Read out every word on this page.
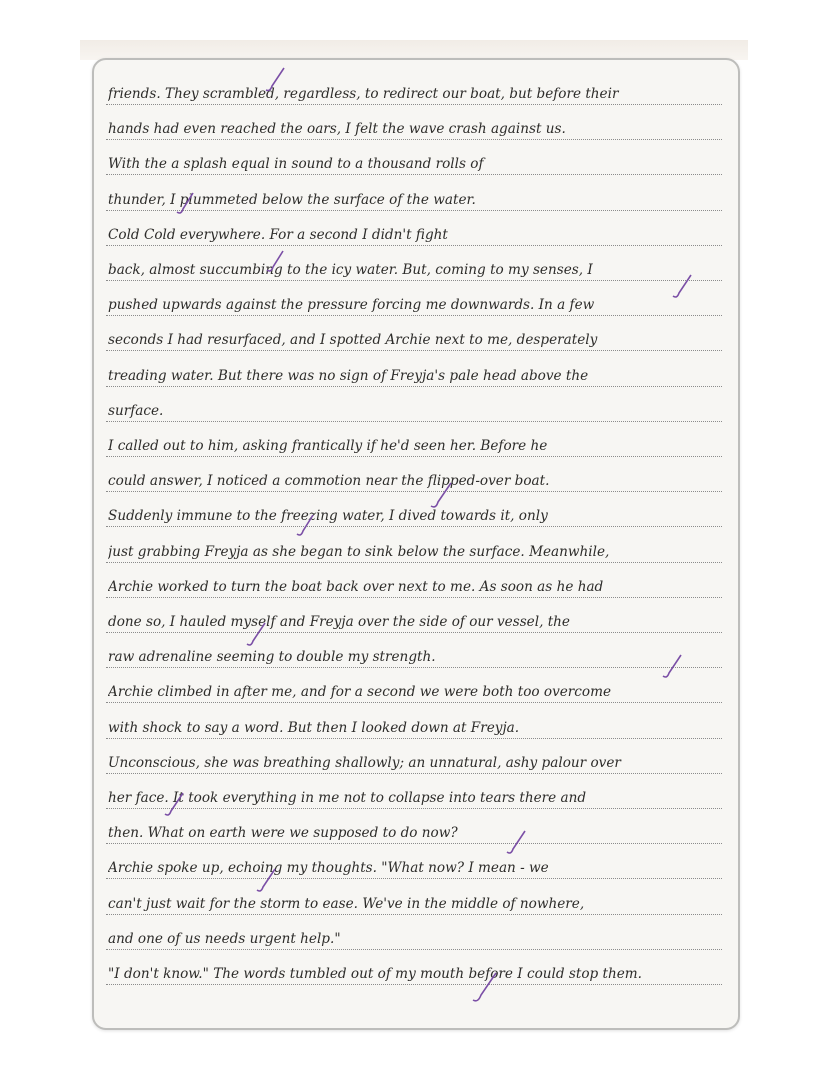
friends. They scrambled, regardless, to redirect our boat, but before their
hands had even reached the oars, I felt the wave crash against us.
With the a splash equal in sound to a thousand rolls of
thunder, I plummeted below the surface of the water.
Cold Cold everywhere. For a second I didn't fight
back, almost succumbing to the icy water. But, coming to my senses, I
pushed upwards against the pressure forcing me downwards. In a few
seconds I had resurfaced, and I spotted Archie next to me, desperately
treading water. But there was no sign of Freyja's pale head above the
surface.
I called out to him, asking frantically if he'd seen her. Before he
could answer, I noticed a commotion near the flipped-over boat.
Suddenly immune to the freezing water, I dived towards it, only
just grabbing Freyja as she began to sink below the surface. Meanwhile,
Archie worked to turn the boat back over next to me. As soon as he had
done so, I hauled myself and Freyja over the side of our vessel, the
raw adrenaline seeming to double my strength.
Archie climbed in after me, and for a second we were both too overcome
with shock to say a word. But then I looked down at Freyja.
Unconscious, she was breathing shallowly; an unnatural, ashy palour over
her face. It took everything in me not to collapse into tears there and
then. What on earth were we supposed to do now?
Archie spoke up, echoing my thoughts. "What now? I mean - we
can't just wait for the storm to ease. We've in the middle of nowhere,
and one of us needs urgent help."
"I don't know." The words tumbled out of my mouth before I could stop them.
